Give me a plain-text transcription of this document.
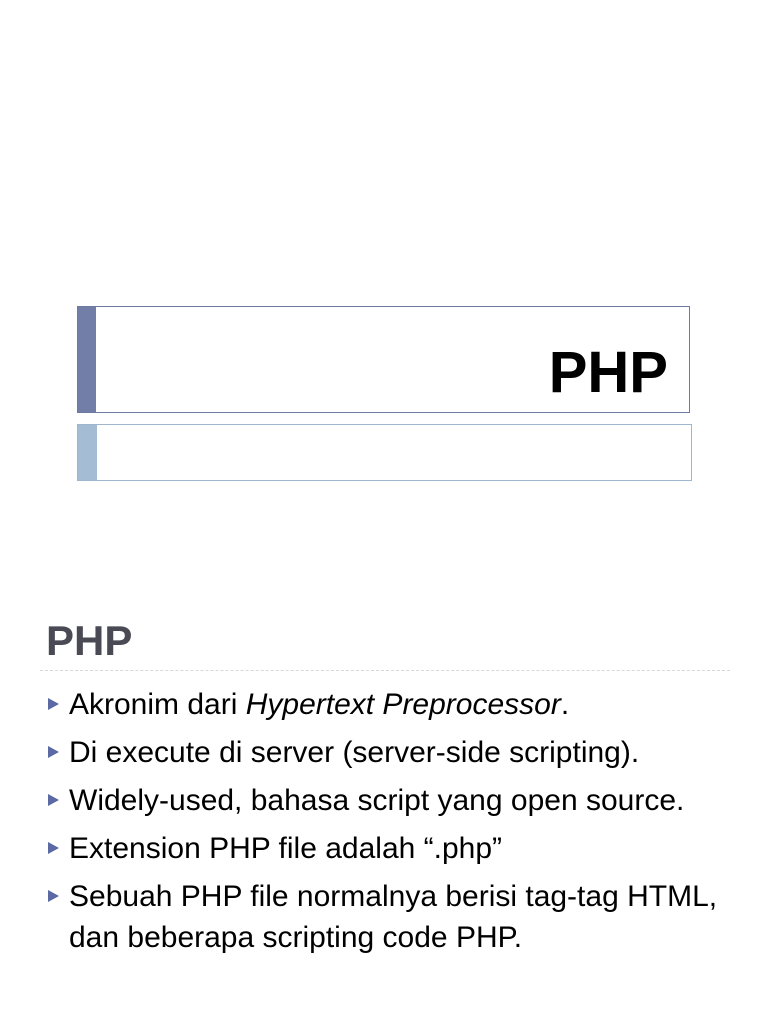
PHP
PHP
Akronim dari Hypertext Preprocessor.
Di execute di server (server-side scripting).
Widely-used, bahasa script yang open source.
Extension PHP file adalah “.php”
Sebuah PHP file normalnya berisi tag-tag HTML, dan beberapa scripting code PHP.
